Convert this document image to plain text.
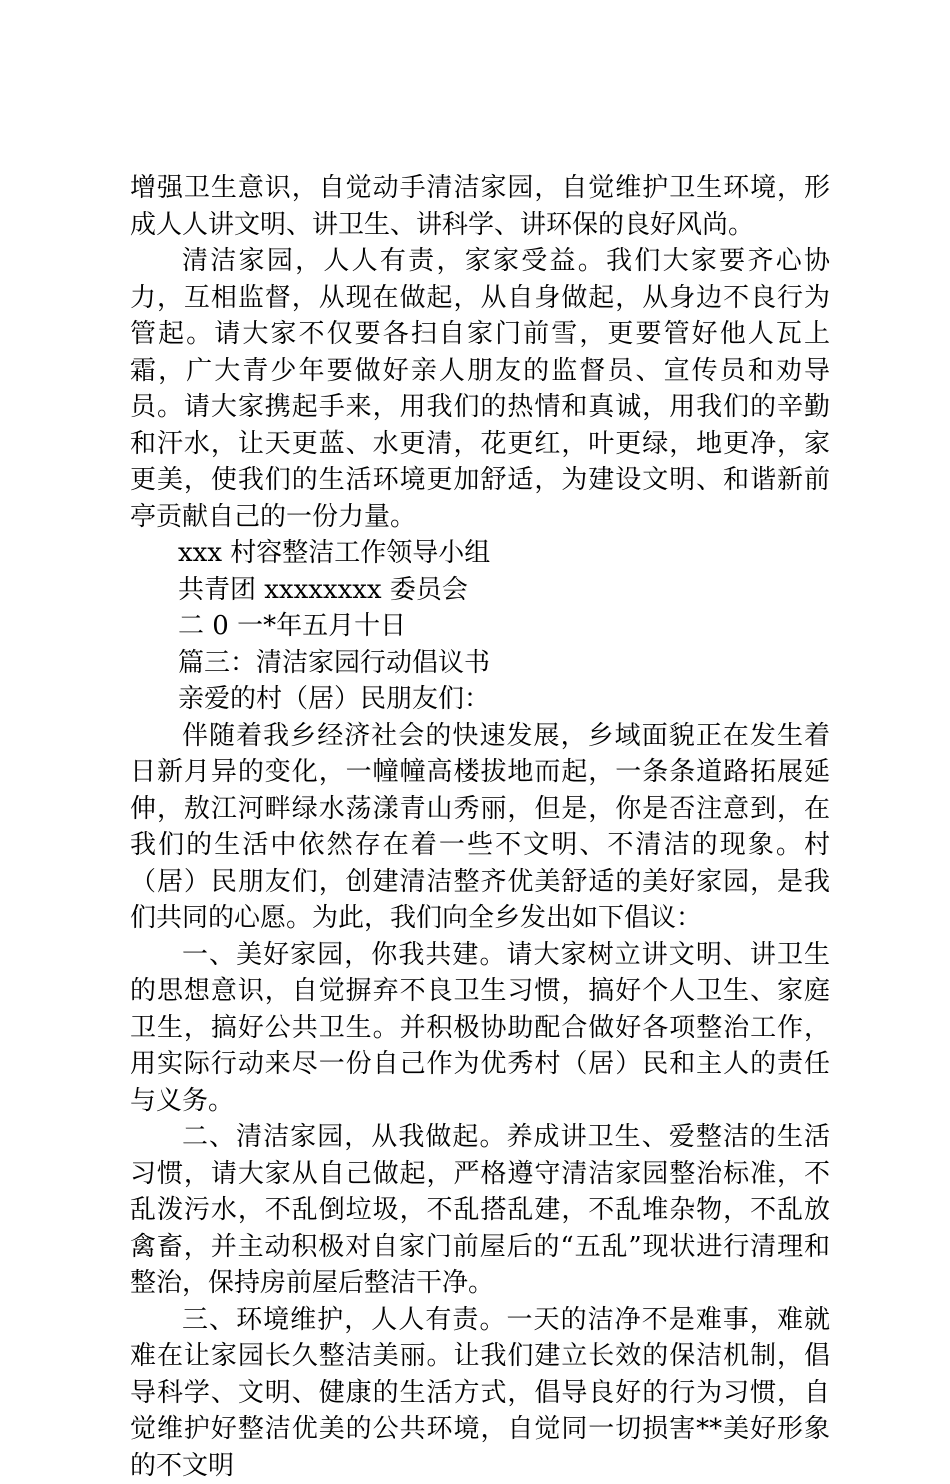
增强卫生意识，自觉动手清洁家园，自觉维护卫生环境，形成人人讲文明、讲卫生、讲科学、讲环保的良好风尚。

清洁家园，人人有责，家家受益。我们大家要齐心协力，互相监督，从现在做起，从自身做起，从身边不良行为管起。请大家不仅要各扫自家门前雪，更要管好他人瓦上霜，广大青少年要做好亲人朋友的监督员、宣传员和劝导员。请大家携起手来，用我们的热情和真诚，用我们的辛勤和汗水，让天更蓝、水更清，花更红，叶更绿，地更净，家更美，使我们的生活环境更加舒适，为建设文明、和谐新前亭贡献自己的一份力量。

xxx 村容整洁工作领导小组

共青团 xxxxxxxx 委员会

二 0 一*年五月十日

篇三：清洁家园行动倡议书

亲爱的村（居）民朋友们：

伴随着我乡经济社会的快速发展，乡域面貌正在发生着日新月异的变化，一幢幢高楼拔地而起，一条条道路拓展延伸，敖江河畔绿水荡漾青山秀丽，但是，你是否注意到，在我们的生活中依然存在着一些不文明、不清洁的现象。村（居）民朋友们，创建清洁整齐优美舒适的美好家园，是我们共同的心愿。为此，我们向全乡发出如下倡议：

一、美好家园，你我共建。请大家树立讲文明、讲卫生的思想意识，自觉摒弃不良卫生习惯，搞好个人卫生、家庭卫生，搞好公共卫生。并积极协助配合做好各项整治工作，用实际行动来尽一份自己作为优秀村（居）民和主人的责任与义务。

二、清洁家园，从我做起。养成讲卫生、爱整洁的生活习惯，请大家从自己做起，严格遵守清洁家园整治标准，不乱泼污水，不乱倒垃圾，不乱搭乱建，不乱堆杂物，不乱放禽畜，并主动积极对自家门前屋后的“五乱”现状进行清理和整治，保持房前屋后整洁干净。

三、环境维护，人人有责。一天的洁净不是难事，难就难在让家园长久整洁美丽。让我们建立长效的保洁机制，倡导科学、文明、健康的生活方式，倡导良好的行为习惯，自觉维护好整洁优美的公共环境，自觉同一切损害**美好形象的不文明
